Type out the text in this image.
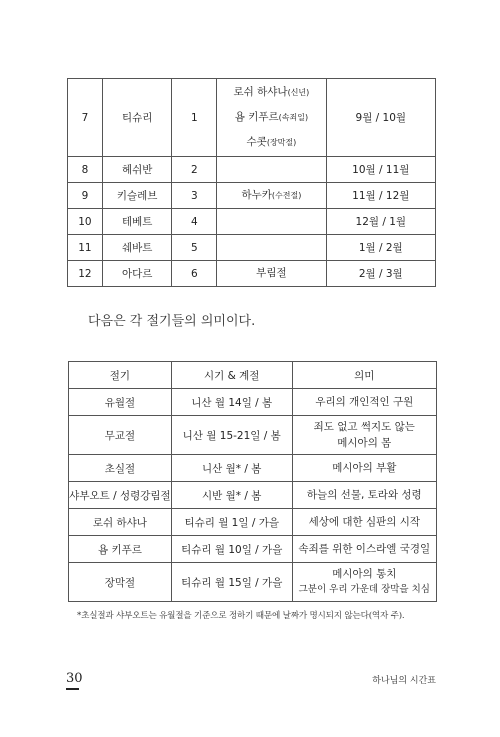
7	티슈리	1	로쉬 하샤나(신년)
욤 키푸르(속죄일)
수콧(장막절)	9월 / 10월
8	헤쉬반	2		10월 / 11월
9	키슬레브	3	하누카(수전절)	11월 / 12월
10	테베트	4		12월 / 1월
11	쉐바트	5		1월 / 2월
12	아다르	6	부림절	2월 / 3월
다음은 각 절기들의 의미이다.
절기	시기 & 계절	의미
유월절	니산 월 14일 / 봄	우리의 개인적인 구원

무교절	니산 월 15-21일 / 봄	죄도 없고 썩지도 않는
메시아의 몸

초실절	니산 월* / 봄	메시아의 부활

샤부오트 / 성령강림절	시반 월* / 봄	하늘의 선물, 토라와 성령

로쉬 하샤나	티슈리 월 1일 / 가을	세상에 대한 심판의 시작

욤 키푸르	티슈리 월 10일 / 가을	속죄를 위한 이스라엘 국경일

장막절	티슈리 월 15일 / 가을	메시아의 통치
그분이 우리 가운데 장막을 치심
*초실절과 샤부오트는 유월절을 기준으로 정하기 때문에 날짜가 명시되지 않는다(역자 주).
30	하나님의 시간표
